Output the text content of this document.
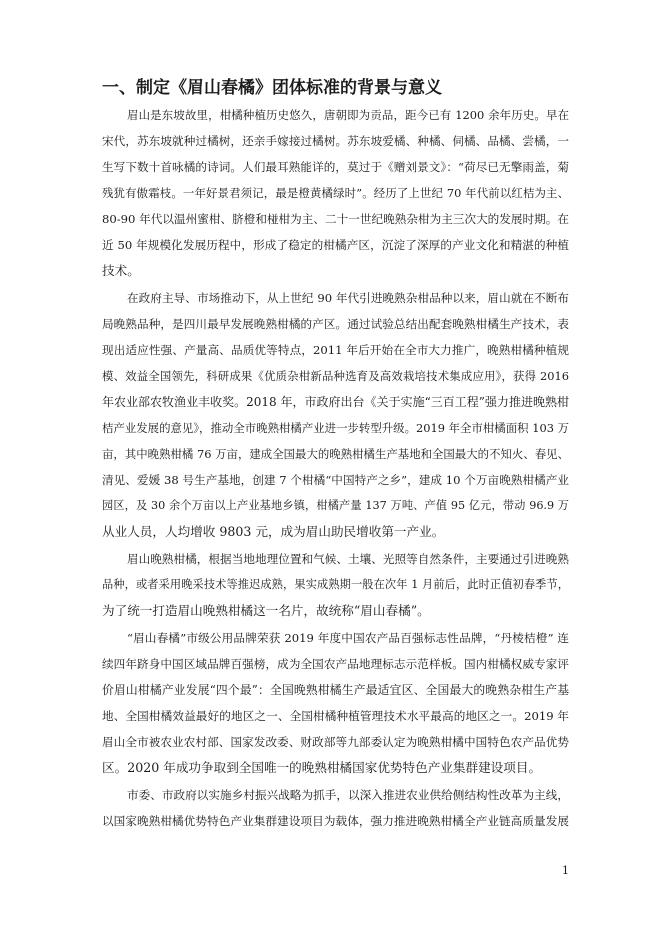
一、制定《眉山春橘》团体标准的背景与意义
眉山是东坡故里，柑橘种植历史悠久，唐朝即为贡品，距今已有 1200 余年历史。早在
宋代，苏东坡就种过橘树，还亲手嫁接过橘树。苏东坡爱橘、种橘、伺橘、品橘、尝橘，一
生写下数十首咏橘的诗词。人们最耳熟能详的，莫过于《赠刘景文》：“荷尽已无擎雨盖，菊
残犹有傲霜枝。一年好景君须记，最是橙黄橘绿时”。经历了上世纪 70 年代前以红桔为主、
80-90 年代以温州蜜柑、脐橙和椪柑为主、二十一世纪晚熟杂柑为主三次大的发展时期。在
近 50 年规模化发展历程中，形成了稳定的柑橘产区，沉淀了深厚的产业文化和精湛的种植
技术。
在政府主导、市场推动下，从上世纪 90 年代引进晚熟杂柑品种以来，眉山就在不断布
局晚熟品种，是四川最早发展晚熟柑橘的产区。通过试验总结出配套晚熟柑橘生产技术，表
现出适应性强、产量高、品质优等特点，2011 年后开始在全市大力推广，晚熟柑橘种植规
模、效益全国领先，科研成果《优质杂柑新品种选育及高效栽培技术集成应用》，获得 2016
年农业部农牧渔业丰收奖。2018 年，市政府出台《关于实施“三百工程”强力推进晚熟柑
桔产业发展的意见》，推动全市晚熟柑橘产业进一步转型升级。2019 年全市柑橘面积 103 万
亩，其中晚熟柑橘 76 万亩，建成全国最大的晚熟柑橘生产基地和全国最大的不知火、春见、
清见、爱媛 38 号生产基地，创建 7 个柑橘“中国特产之乡”，建成 10 个万亩晚熟柑橘产业
园区，及 30 余个万亩以上产业基地乡镇，柑橘产量 137 万吨、产值 95 亿元，带动 96.9 万
从业人员，人均增收 9803 元，成为眉山助民增收第一产业。
眉山晚熟柑橘，根据当地地理位置和气候、土壤、光照等自然条件，主要通过引进晚熟
品种，或者采用晚采技术等推迟成熟，果实成熟期一般在次年 1 月前后，此时正值初春季节，
为了统一打造眉山晚熟柑橘这一名片，故统称“眉山春橘”。
“眉山春橘”市级公用品牌荣获 2019 年度中国农产品百强标志性品牌，“丹棱桔橙” 连
续四年跻身中国区域品牌百强榜，成为全国农产品地理标志示范样板。国内柑橘权威专家评
价眉山柑橘产业发展“四个最”：全国晚熟柑橘生产最适宜区、全国最大的晚熟杂柑生产基
地、全国柑橘效益最好的地区之一、全国柑橘种植管理技术水平最高的地区之一。2019 年
眉山全市被农业农村部、国家发改委、财政部等九部委认定为晚熟柑橘中国特色农产品优势
区。2020 年成功争取到全国唯一的晚熟柑橘国家优势特色产业集群建设项目。
市委、市政府以实施乡村振兴战略为抓手，以深入推进农业供给侧结构性改革为主线，
以国家晚熟柑橘优势特色产业集群建设项目为载体，强力推进晚熟柑橘全产业链高质量发展
1
